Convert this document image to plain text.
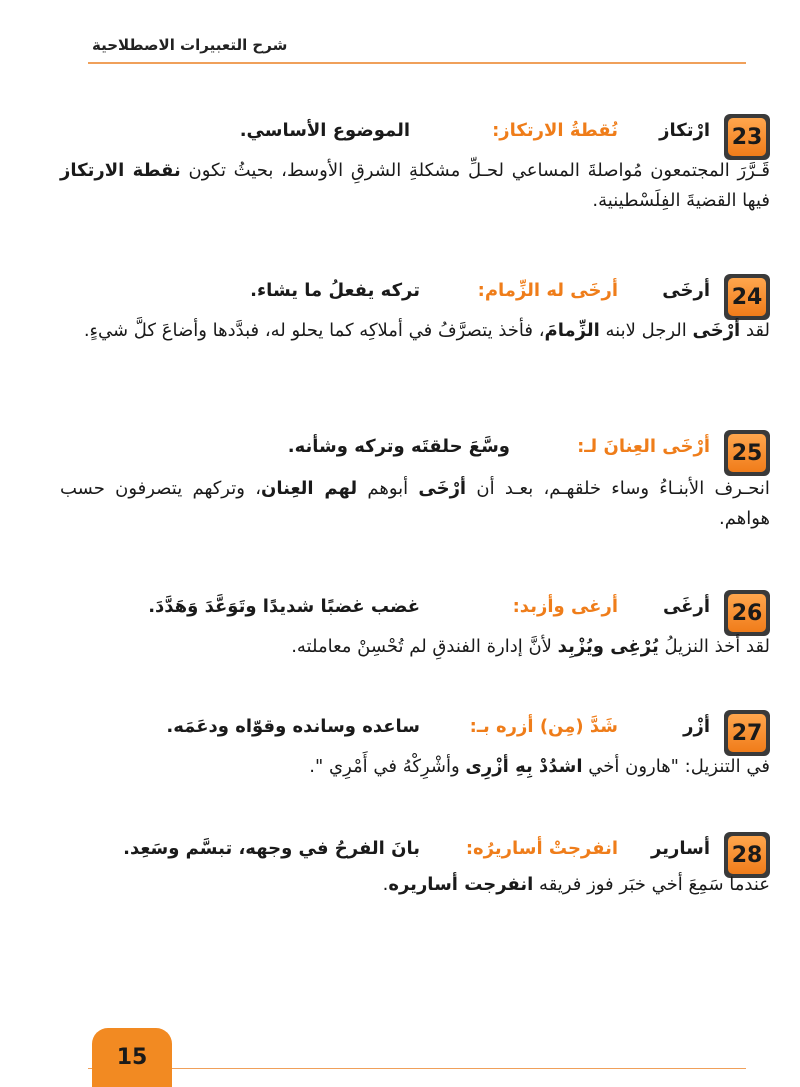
شرح التعبيرات الاصطلاحية
23
ارْتكاز
نُقطةُ الارتكاز:
الموضوع الأساسي.
قَـرَّرَ المجتمعون مُواصلةَ المساعي لحـلِّ مشكلةِ الشرقِ الأوسط، بحيثُ تكون نقطة الارتكاز فيها القضيةَ الفِلَسْطينية.
24
أرخَى
أرخَى له الزِّمام:
تركه يفعلُ ما يشاء.
لقد أرْخَى الرجل لابنه الزِّمامَ، فأخذ يتصرَّفُ في أملاكِه كما يحلو له، فبدَّدها وأضاعَ كلَّ شيءٍ.
25
أرْخَى العِنانَ لـ:
وسَّعَ حلقتَه وتركه وشأنه.
انحـرف الأبنـاءُ وساء خلقهـم، بعـد أن أرْخَى أبوهم لهم العِنان، وتركهم يتصرفون حسب هواهم.
26
أرغَى
أرغى وأزبد:
غضب غضبًا شديدًا وتَوَعَّدَ وَهَدَّدَ.
لقد أخذ النزيلُ يُرْغِى ويُزْبِد لأنَّ إدارة الفندقِ لم تُحْسِنْ معاملته.
27
أزْر
شَدَّ (مِن) أزره بـ:
ساعده وسانده وقوّاه ودعَمَه.
في التنزيل: "هارون أخي اشدُدْ بِهِ أزْرِى وأشْرِكْهُ في أَمْرِي ".
28
أسارير
انفرجتْ أساريرُه:
بانَ الفرحُ في وجهه، تبسَّم وسَعِد.
عندما سَمِعَ أخي خبَر فوز فريقه انفرجت أساريره.
15
